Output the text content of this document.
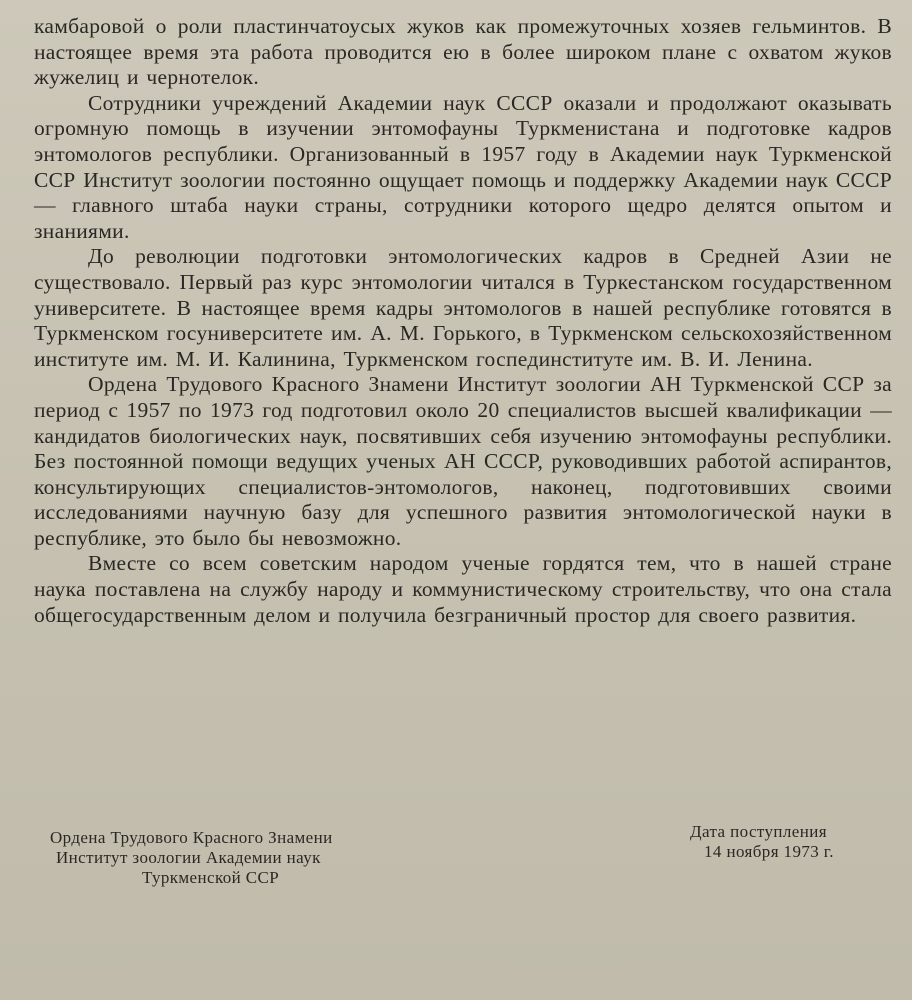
камбаровой о роли пластинчатоусых жуков как промежуточных хозяев гельминтов. В настоящее время эта работа проводится ею в более широком плане с охватом жуков жужелиц и чернотелок.

Сотрудники учреждений Академии наук СССР оказали и продолжают оказывать огромную помощь в изучении энтомофауны Туркменистана и подготовке кадров энтомологов республики. Организованный в 1957 году в Академии наук Туркменской ССР Институт зоологии постоянно ощущает помощь и поддержку Академии наук СССР — главного штаба науки страны, сотрудники которого щедро делятся опытом и знаниями.

До революции подготовки энтомологических кадров в Средней Азии не существовало. Первый раз курс энтомологии читался в Туркестанском государственном университете. В настоящее время кадры энтомологов в нашей республике готовятся в Туркменском госуниверситете им. А. М. Горького, в Туркменском сельскохозяйственном институте им. М. И. Калинина, Туркменском госпединституте им. В. И. Ленина.

Ордена Трудового Красного Знамени Институт зоологии АН Туркменской ССР за период с 1957 по 1973 год подготовил около 20 специалистов высшей квалификации — кандидатов биологических наук, посвятивших себя изучению энтомофауны республики. Без постоянной помощи ведущих ученых АН СССР, руководивших работой аспирантов, консультирующих специалистов-энтомологов, наконец, подготовивших своими исследованиями научную базу для успешного развития энтомологической науки в республике, это было бы невозможно.

Вместе со всем советским народом ученые гордятся тем, что в нашей стране наука поставлена на службу народу и коммунистическому строительству, что она стала общегосударственным делом и получила безграничный простор для своего развития.

Ордена Трудового Красного Знамени
Институт зоологии Академии наук
Туркменской ССР
Дата поступления
14 ноября 1973 г.
